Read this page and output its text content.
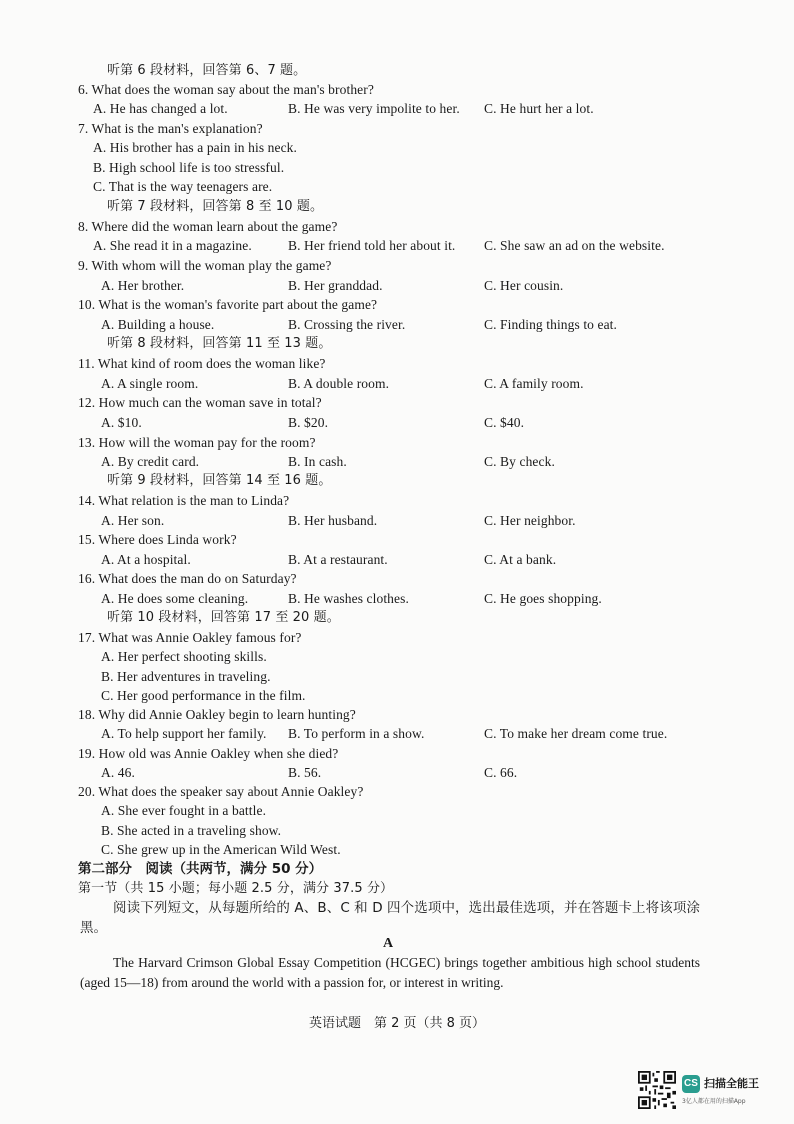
听第 6 段材料，回答第 6、7 题。
6. What does the woman say about the man's brother?
A. He has changed a lot.	B. He was very impolite to her. C. He hurt her a lot.
7. What is the man's explanation?
A. His brother has a pain in his neck.
B. High school life is too stressful.
C. That is the way teenagers are.
听第 7 段材料，回答第 8 至 10 题。
8. Where did the woman learn about the game?
A. She read it in a magazine.	B. Her friend told her about it. C. She saw an ad on the website.
9. With whom will the woman play the game?
A. Her brother.	B. Her granddad.	C. Her cousin.
10. What is the woman's favorite part about the game?
A. Building a house.	B. Crossing the river.	C. Finding things to eat.
听第 8 段材料，回答第 11 至 13 题。
11. What kind of room does the woman like?
A. A single room.	B. A double room.	C. A family room.
12. How much can the woman save in total?
A. $10.	B. $20.	C. $40.
13. How will the woman pay for the room?
A. By credit card.	B. In cash.	C. By check.
听第 9 段材料，回答第 14 至 16 题。
14. What relation is the man to Linda?
A. Her son.	B. Her husband.	C. Her neighbor.
15. Where does Linda work?
A. At a hospital.	B. At a restaurant.	C. At a bank.
16. What does the man do on Saturday?
A. He does some cleaning.	B. He washes clothes.	C. He goes shopping.
听第 10 段材料，回答第 17 至 20 题。
17. What was Annie Oakley famous for?
A. Her perfect shooting skills.
B. Her adventures in traveling.
C. Her good performance in the film.
18. Why did Annie Oakley begin to learn hunting?
A. To help support her family. B. To perform in a show.	C. To make her dream come true.
19. How old was Annie Oakley when she died?
A. 46.	B. 56.	C. 66.
20. What does the speaker say about Annie Oakley?
A. She ever fought in a battle.
B. She acted in a traveling show.
C. She grew up in the American Wild West.
第二部分　阅读（共两节，满分 50 分）
第一节（共 15 小题；每小题 2.5 分，满分 37.5 分）
阅读下列短文，从每题所给的 A、B、C 和 D 四个选项中，选出最佳选项，并在答题卡上将该项涂黑。
A
The Harvard Crimson Global Essay Competition (HCGEC) brings together ambitious high school students (aged 15—18) from around the world with a passion for, or interest in writing.
英语试题　第 2 页（共 8 页）
CS 扫描全能王
3亿人都在用的扫描App
